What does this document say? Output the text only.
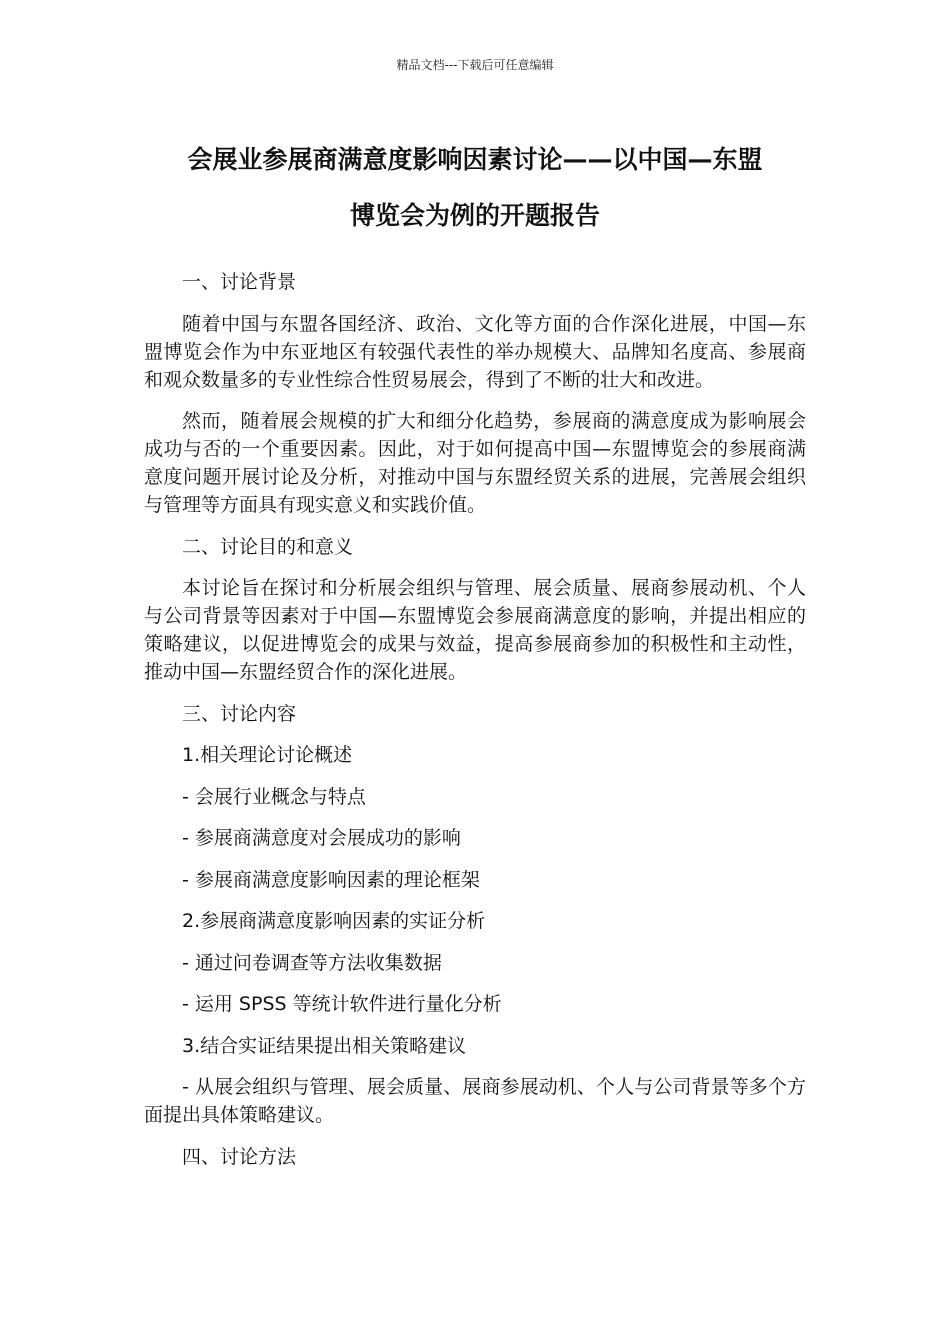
精品文档---下载后可任意编辑
会展业参展商满意度影响因素讨论——以中国—东盟
博览会为例的开题报告
一、讨论背景

随着中国与东盟各国经济、政治、文化等方面的合作深化进展，中国—东盟博览会作为中东亚地区有较强代表性的举办规模大、品牌知名度高、参展商和观众数量多的专业性综合性贸易展会，得到了不断的壮大和改进。

然而，随着展会规模的扩大和细分化趋势，参展商的满意度成为影响展会成功与否的一个重要因素。因此，对于如何提高中国—东盟博览会的参展商满意度问题开展讨论及分析，对推动中国与东盟经贸关系的进展，完善展会组织与管理等方面具有现实意义和实践价值。

二、讨论目的和意义

本讨论旨在探讨和分析展会组织与管理、展会质量、展商参展动机、个人与公司背景等因素对于中国—东盟博览会参展商满意度的影响，并提出相应的策略建议，以促进博览会的成果与效益，提高参展商参加的积极性和主动性，推动中国—东盟经贸合作的深化进展。

三、讨论内容
1.相关理论讨论概述
- 会展行业概念与特点
- 参展商满意度对会展成功的影响
- 参展商满意度影响因素的理论框架
2.参展商满意度影响因素的实证分析
- 通过问卷调查等方法收集数据
- 运用 SPSS 等统计软件进行量化分析
3.结合实证结果提出相关策略建议

- 从展会组织与管理、展会质量、展商参展动机、个人与公司背景等多个方面提出具体策略建议。

四、讨论方法
